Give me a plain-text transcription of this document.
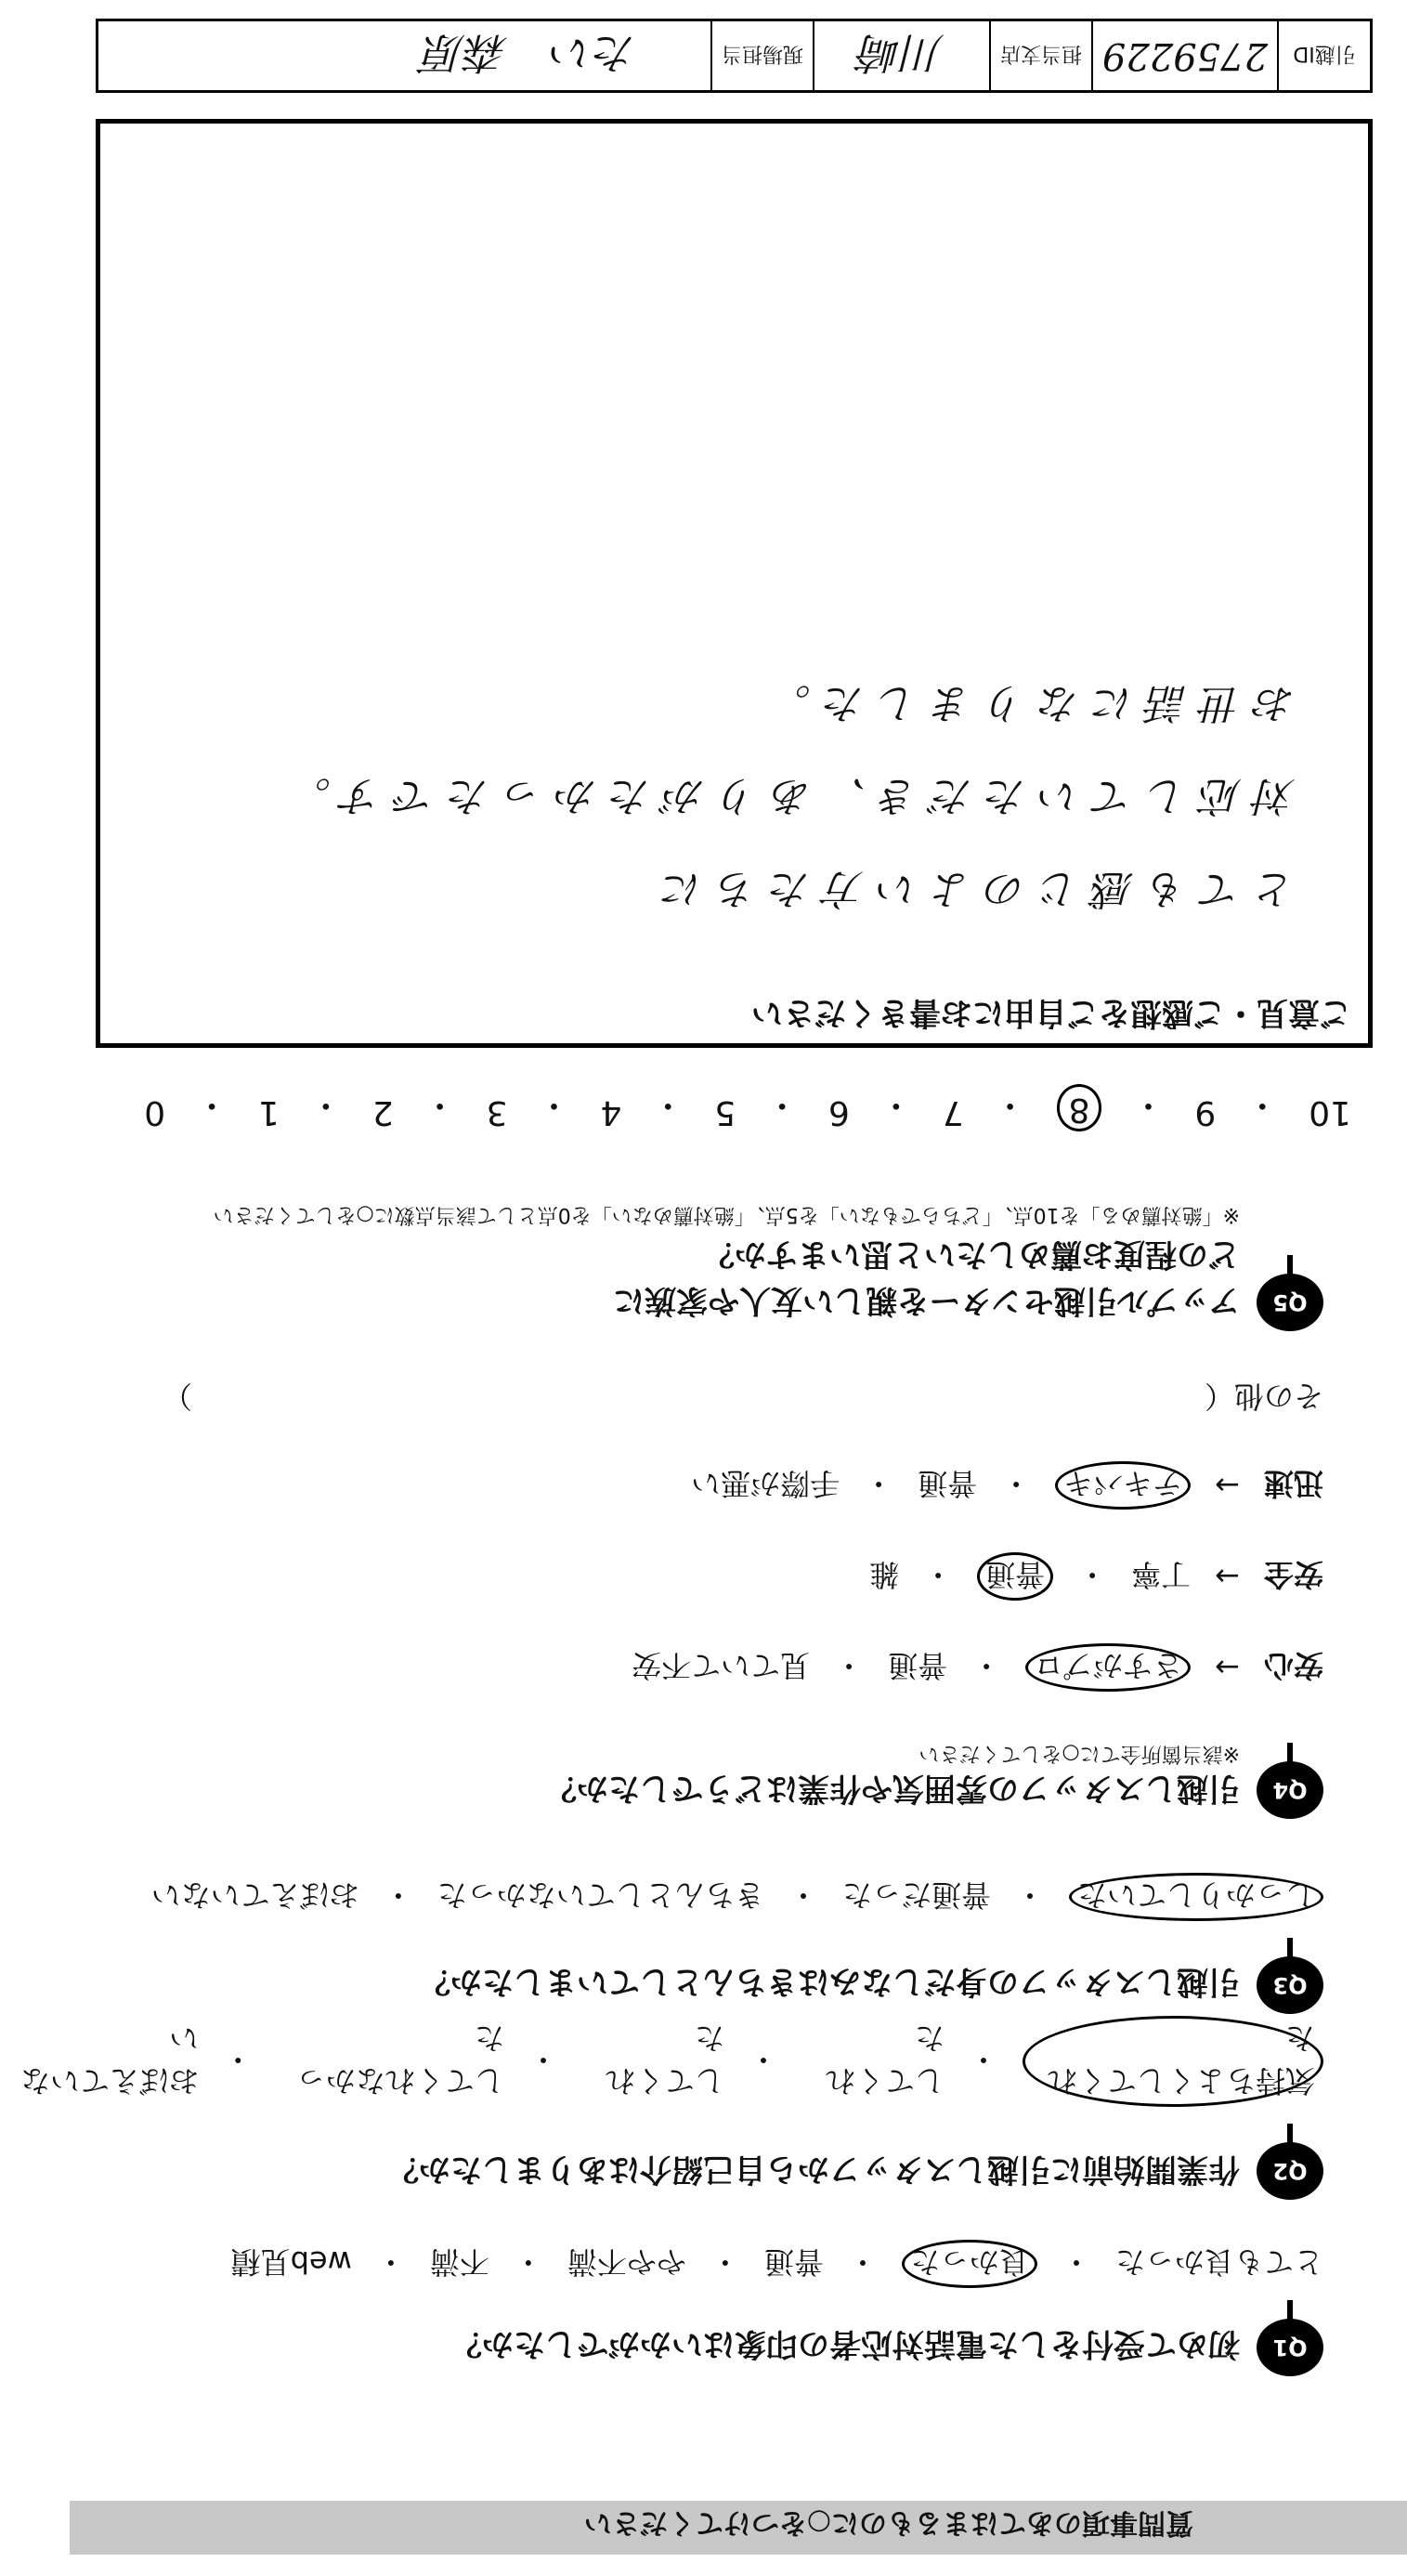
引越ID
2759229
担当支店
川崎
現場担当
たい　森原
ご意見・ご感想をご自由にお書きください
とても感じのよい方たちに
対応していただき、ありがたかったです。
お世話になりました。
10
・
9
・
8
・
7
・
6
・
5
・
4
・
3
・
2
・
1
・
0
Q5
アップル引越センターを親しい友人や家族に
どの程度お薦めしたいと思いますか？
※「絶対薦める」を10点、「どちらでもない」を5点、「絶対薦めない」を0点として該当点数に○をしてください
その他（
）
迅速
→
テキパキ
・
普通
・
手際が悪い
安全
→
丁寧
・
普通
・
雑
安心
→
さすがプロ
・
普通
・
見ていて不安
Q4
引越しスタッフの雰囲気や作業はどうでしたか？
※該当箇所全てに○をしてください
Q3
引越しスタッフの身だしなみはきちんとしていましたか？
しっかりしていた
・
普通だった
・
きちんとしていなかった
・
おぼえていない
Q2
作業開始前に引越しスタッフから自己紹介はありましたか？
気持ちよくしてくれた
・
してくれた
・
してくれた
・
してくれなかった
・
おぼえていない
Q1
初めて受付をした電話対応者の印象はいかがでしたか？
とても良かった
・
良かった
・
普通
・
やや不満
・
不満
・
web見積
質問事項のあてはまるものに○をつけてください
